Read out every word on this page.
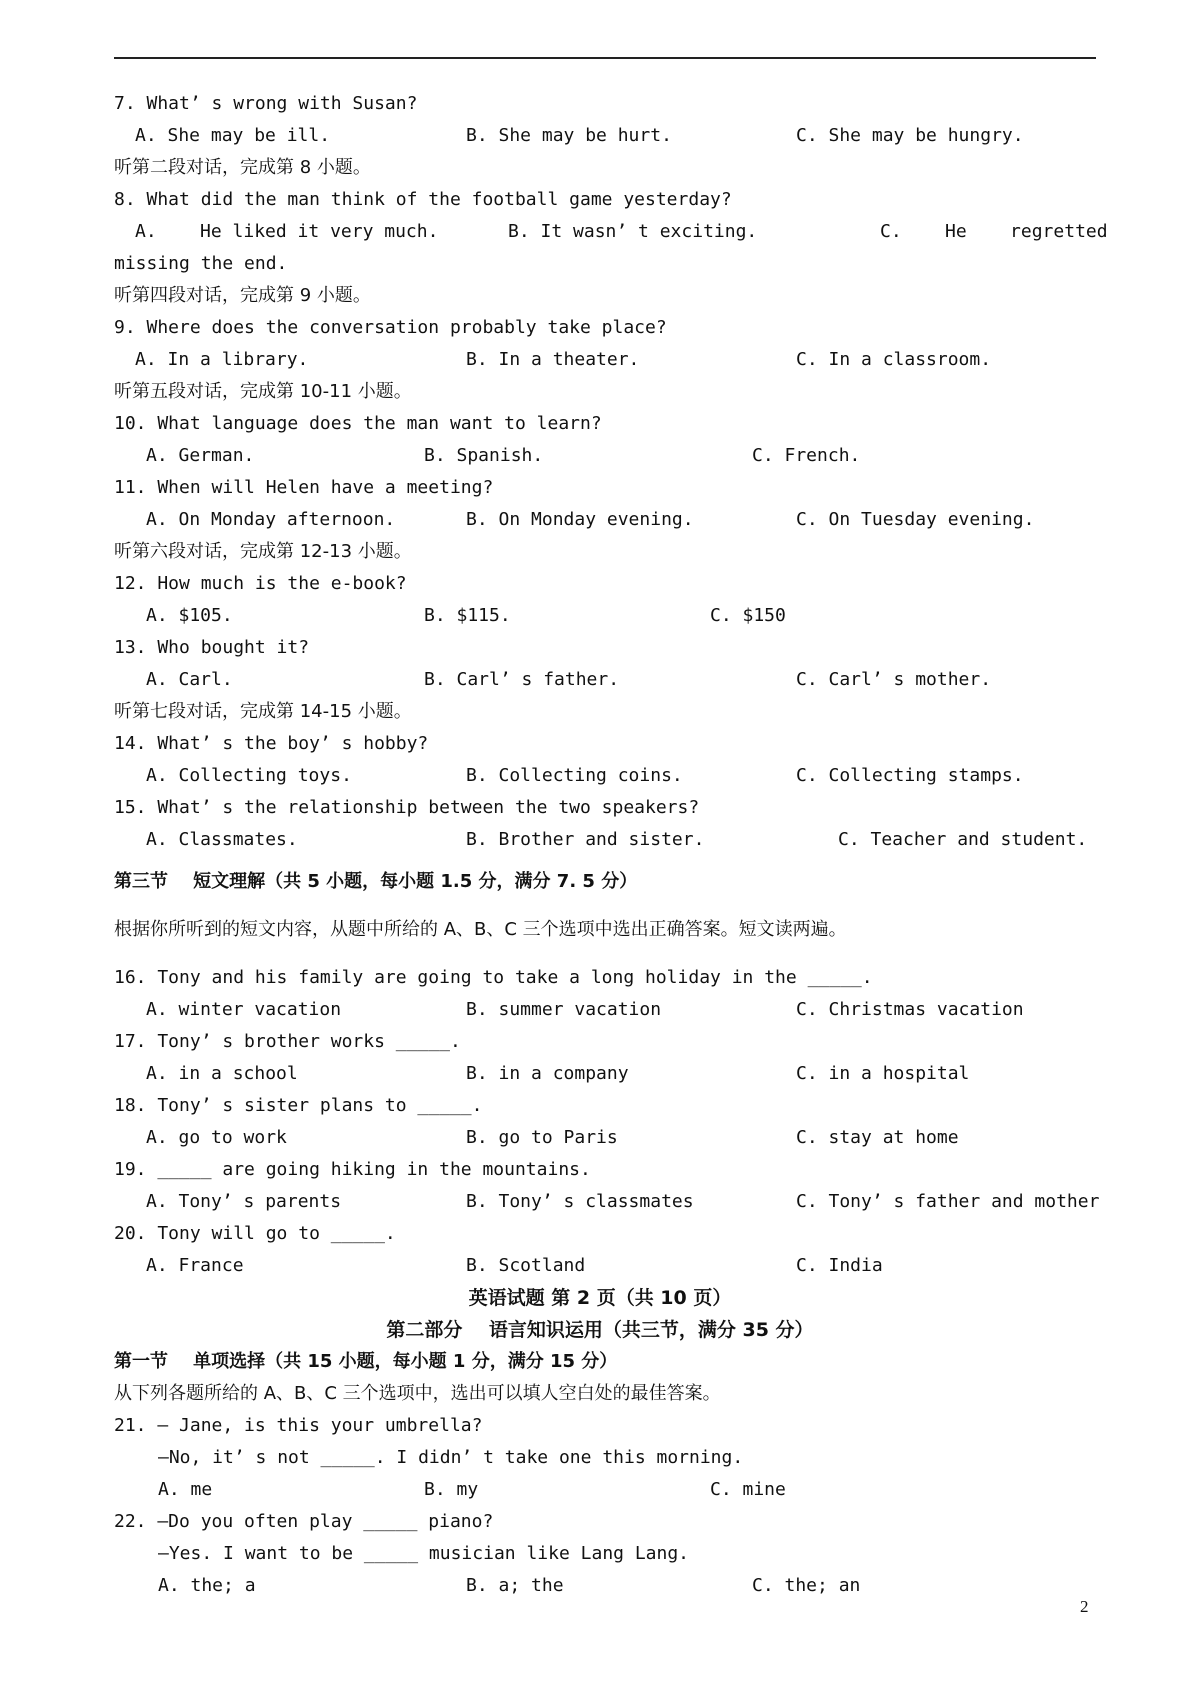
7. What’ s wrong with Susan?
A. She may be ill.	B. She may be hurt.	C. She may be hungry.
听第二段对话，完成第 8 小题。
8. What did the man think of the football game yesterday?
A.    He liked it very much.	B. It wasn’ t exciting.	C.    He    regretted
missing the end.
听第四段对话，完成第 9 小题。
9. Where does the conversation probably take place?
A. In a library.	B. In a theater.	C. In a classroom.
听第五段对话，完成第 10-11 小题。
10. What language does the man want to learn?
A. German.	B. Spanish.	C. French.
11. When will Helen have a meeting?
A. On Monday afternoon.	B. On Monday evening.	C. On Tuesday evening.
听第六段对话，完成第 12-13 小题。
12. How much is the e-book?
A. $105.	B. $115.	C. $150
13. Who bought it?
A. Carl.	B. Carl’ s father.	C. Carl’ s mother.
听第七段对话，完成第 14-15 小题。
14. What’ s the boy’ s hobby?
A. Collecting toys.	B. Collecting coins.	C. Collecting stamps.
15. What’ s the relationship between the two speakers?
A. Classmates.	B. Brother and sister.	C. Teacher and student.
第三节    短文理解（共 5 小题，每小题 1.5 分，满分 7. 5 分）
根据你所听到的短文内容，从题中所给的 A、B、C 三个选项中选出正确答案。短文读两遍。
16. Tony and his family are going to take a long holiday in the _____.
A. winter vacation	B. summer vacation	C. Christmas vacation
17. Tony’ s brother works _____.
A. in a school	B. in a company	C. in a hospital
18. Tony’ s sister plans to _____.
A. go to work	B. go to Paris	C. stay at home
19. _____ are going hiking in the mountains.
A. Tony’ s parents	B. Tony’ s classmates	C. Tony’ s father and mother
20. Tony will go to _____.
A. France	B. Scotland	C. India
英语试题 第 2 页（共 10 页）
第二部分    语言知识运用（共三节，满分 35 分）
第一节    单项选择（共 15 小题，每小题 1 分，满分 15 分）
从下列各题所给的 A、B、C 三个选项中，选出可以填人空白处的最佳答案。
21. — Jane, is this your umbrella?
—No, it’ s not _____. I didn’ t take one this morning.
A. me	B. my	C. mine
22. —Do you often play _____ piano?
—Yes. I want to be _____ musician like Lang Lang.
A. the; a	B. a; the	C. the; an
2
